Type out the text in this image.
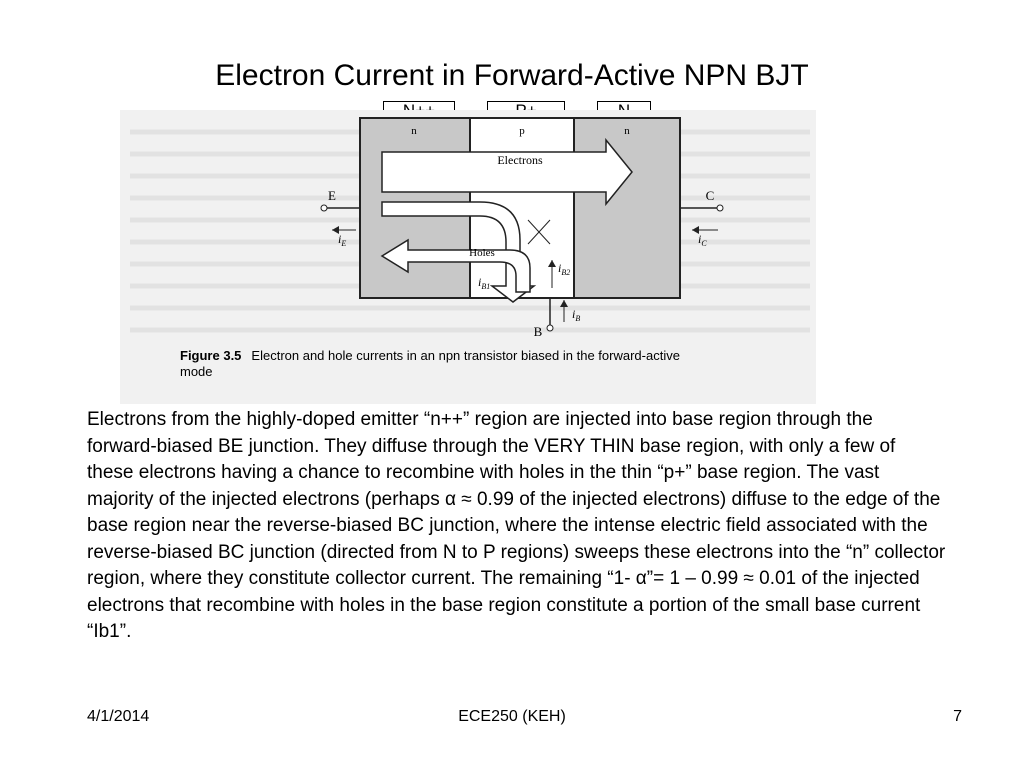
Electron Current in Forward-Active NPN BJT
n	p	n
Electrons
Holes
E
$i_E$
C
$i_C$
$i_{B2}$
$i_{B1}$
B
$i_B$
Figure 3.5 Electron and hole currents in an npn transistor biased in the forward-active
mode

Electrons from the highly-doped emitter “n++” region are injected into base region through the forward-biased BE junction. They diffuse through the VERY THIN base region, with only a few of these electrons having a chance to recombine with holes in the thin “p+” base region. The vast majority of the injected electrons (perhaps α ≈ 0.99 of the injected electrons) diffuse to the edge of the base region near the reverse-biased BC junction, where the intense electric field associated with the reverse-biased BC junction (directed from N to P regions) sweeps these electrons into the “n” collector region, where they constitute collector current. The remaining “1- α”= 1 – 0.99 ≈ 0.01 of the injected electrons that recombine with holes in the base region constitute a portion of the small base current “Ib1”.

4/1/2014	ECE250 (KEH)	7
